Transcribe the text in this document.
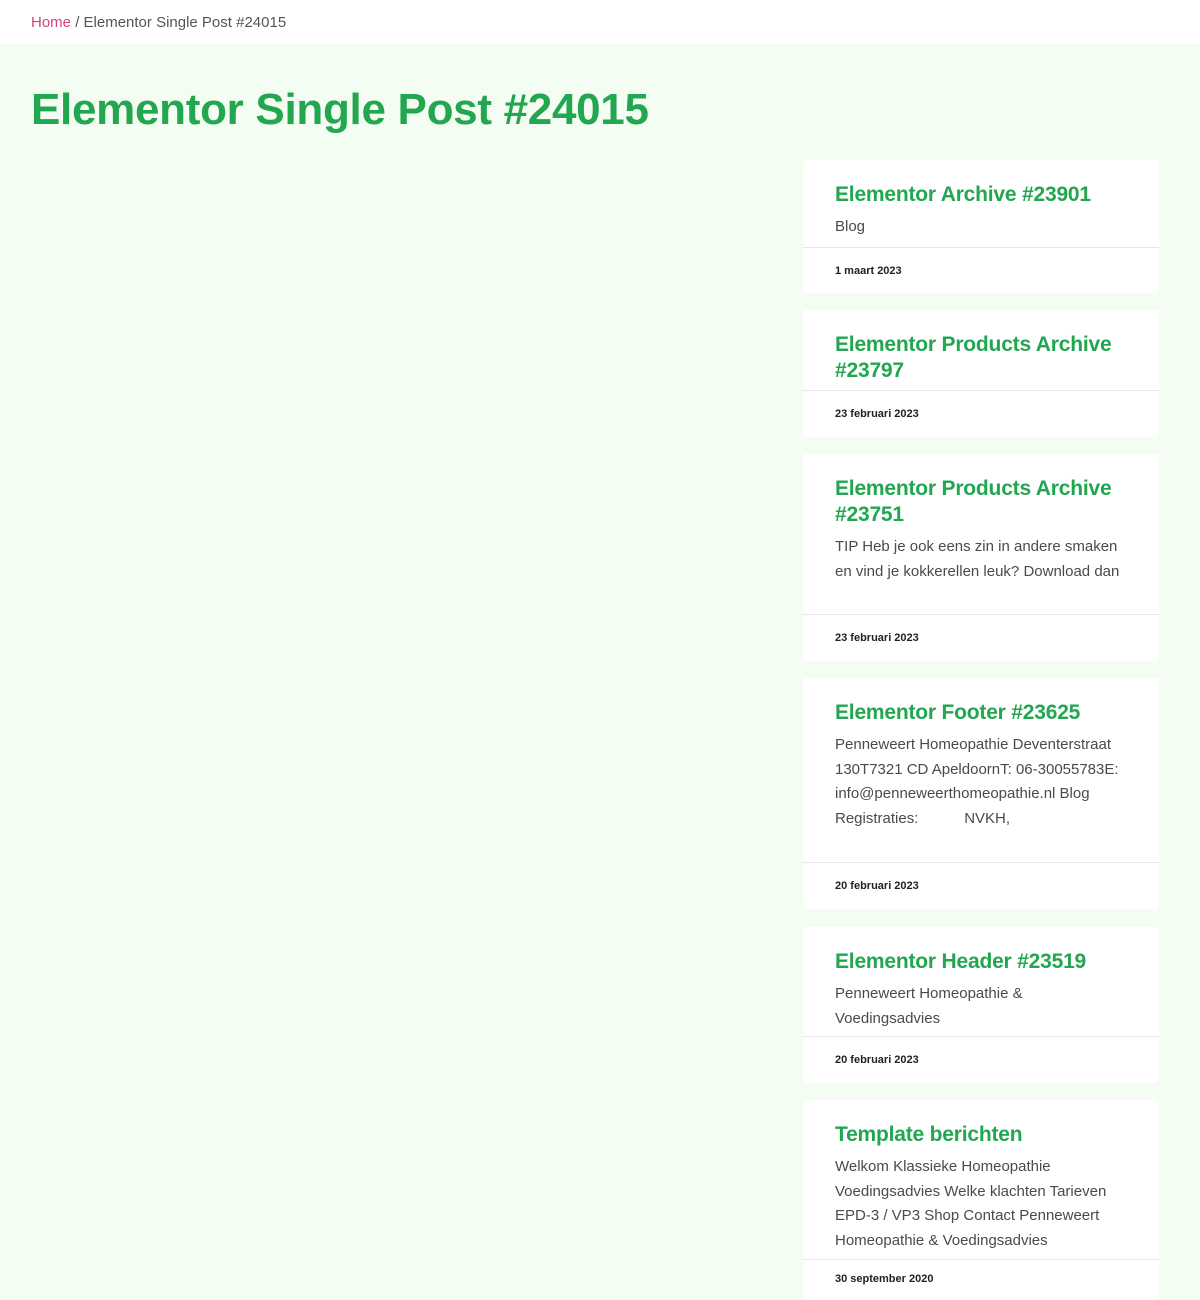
Home / Elementor Single Post #24015
Elementor Single Post #24015
Elementor Archive #23901

Blog

1 maart 2023
Elementor Products Archive #23797
23 februari 2023
Elementor Products Archive #23751

TIP Heb je ook eens zin in andere smaken en vind je kokkerellen leuk? Download dan

23 februari 2023
Elementor Footer #23625

Penneweert Homeopathie Deventerstraat 130T7321 CD ApeldoornT: 06-30055783E: info@penneweerthomeopathie.nl Blog Registraties:           NVKH,

20 februari 2023
Elementor Header #23519

Penneweert Homeopathie & Voedingsadvies

20 februari 2023
Template berichten

Welkom Klassieke Homeopathie Voedingsadvies Welke klachten Tarieven EPD-3 / VP3 Shop Contact Penneweert Homeopathie & Voedingsadvies

30 september 2020
